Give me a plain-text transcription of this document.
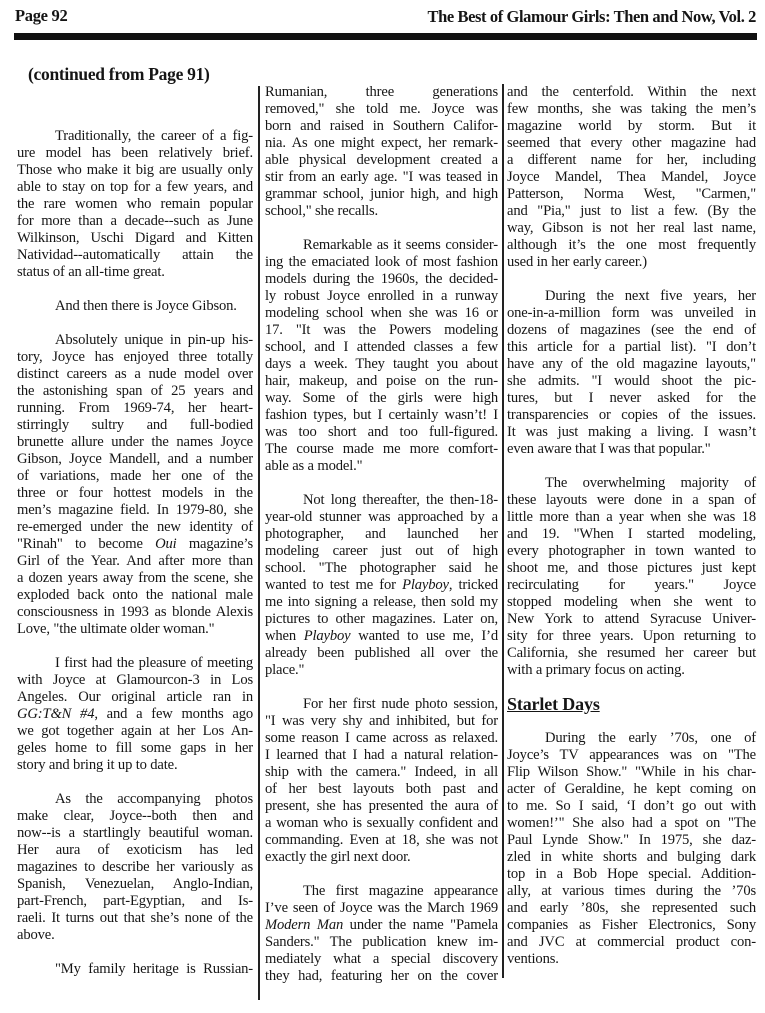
Page 92	The Best of Glamour Girls: Then and Now, Vol. 2
(continued from Page 91)
Traditionally, the career of a fig-
ure model has been relatively brief.
Those who make it big are usually only
able to stay on top for a few years, and
the rare women who remain popular
for more than a decade--such as June
Wilkinson, Uschi Digard and Kitten
Natividad--automatically attain the
status of an all-time great.
And then there is Joyce Gibson.
Absolutely unique in pin-up his-
tory, Joyce has enjoyed three totally
distinct careers as a nude model over
the astonishing span of 25 years and
running. From 1969-74, her heart-
stirringly sultry and full-bodied
brunette allure under the names Joyce
Gibson, Joyce Mandell, and a number
of variations, made her one of the
three or four hottest models in the
men’s magazine field. In 1979-80, she
re-emerged under the new identity of
"Rinah" to become Oui magazine’s
Girl of the Year. And after more than
a dozen years away from the scene, she
exploded back onto the national male
consciousness in 1993 as blonde Alexis
Love, "the ultimate older woman."
I first had the pleasure of meeting
with Joyce at Glamourcon-3 in Los
Angeles. Our original article ran in
GG:T&N #4, and a few months ago
we got together again at her Los An-
geles home to fill some gaps in her
story and bring it up to date.
As the accompanying photos
make clear, Joyce--both then and
now--is a startlingly beautiful woman.
Her aura of exoticism has led
magazines to describe her variously as
Spanish, Venezuelan, Anglo-Indian,
part-French, part-Egyptian, and Is-
raeli. It turns out that she’s none of the
above.
"My family heritage is Russian-
Rumanian, three generations
removed," she told me. Joyce was
born and raised in Southern Califor-
nia. As one might expect, her remark-
able physical development created a
stir from an early age. "I was teased in
grammar school, junior high, and high
school," she recalls.
Remarkable as it seems consider-
ing the emaciated look of most fashion
models during the 1960s, the decided-
ly robust Joyce enrolled in a runway
modeling school when she was 16 or
17. "It was the Powers modeling
school, and I attended classes a few
days a week. They taught you about
hair, makeup, and poise on the run-
way. Some of the girls were high
fashion types, but I certainly wasn’t! I
was too short and too full-figured.
The course made me more comfort-
able as a model."
Not long thereafter, the then-18-
year-old stunner was approached by a
photographer, and launched her
modeling career just out of high
school. "The photographer said he
wanted to test me for Playboy, tricked
me into signing a release, then sold my
pictures to other magazines. Later on,
when Playboy wanted to use me, I’d
already been published all over the
place."
For her first nude photo session,
"I was very shy and inhibited, but for
some reason I came across as relaxed.
I learned that I had a natural relation-
ship with the camera." Indeed, in all
of her best layouts both past and
present, she has presented the aura of
a woman who is sexually confident and
commanding. Even at 18, she was not
exactly the girl next door.
The first magazine appearance
I’ve seen of Joyce was the March 1969
Modern Man under the name "Pamela
Sanders." The publication knew im-
mediately what a special discovery
they had, featuring her on the cover
and the centerfold. Within the next
few months, she was taking the men’s
magazine world by storm. But it
seemed that every other magazine had
a different name for her, including
Joyce Mandel, Thea Mandel, Joyce
Patterson, Norma West, "Carmen,"
and "Pia," just to list a few. (By the
way, Gibson is not her real last name,
although it’s the one most frequently
used in her early career.)
During the next five years, her
one-in-a-million form was unveiled in
dozens of magazines (see the end of
this article for a partial list). "I don’t
have any of the old magazine layouts,"
she admits. "I would shoot the pic-
tures, but I never asked for the
transparencies or copies of the issues.
It was just making a living. I wasn’t
even aware that I was that popular."
The overwhelming majority of
these layouts were done in a span of
little more than a year when she was 18
and 19. "When I started modeling,
every photographer in town wanted to
shoot me, and those pictures just kept
recirculating for years." Joyce
stopped modeling when she went to
New York to attend Syracuse Univer-
sity for three years. Upon returning to
California, she resumed her career but
with a primary focus on acting.
Starlet Days
During the early ’70s, one of
Joyce’s TV appearances was on "The
Flip Wilson Show." "While in his char-
acter of Geraldine, he kept coming on
to me. So I said, ‘I don’t go out with
women!’" She also had a spot on "The
Paul Lynde Show." In 1975, she daz-
zled in white shorts and bulging dark
top in a Bob Hope special. Addition-
ally, at various times during the ’70s
and early ’80s, she represented such
companies as Fisher Electronics, Sony
and JVC at commercial product con-
ventions.
